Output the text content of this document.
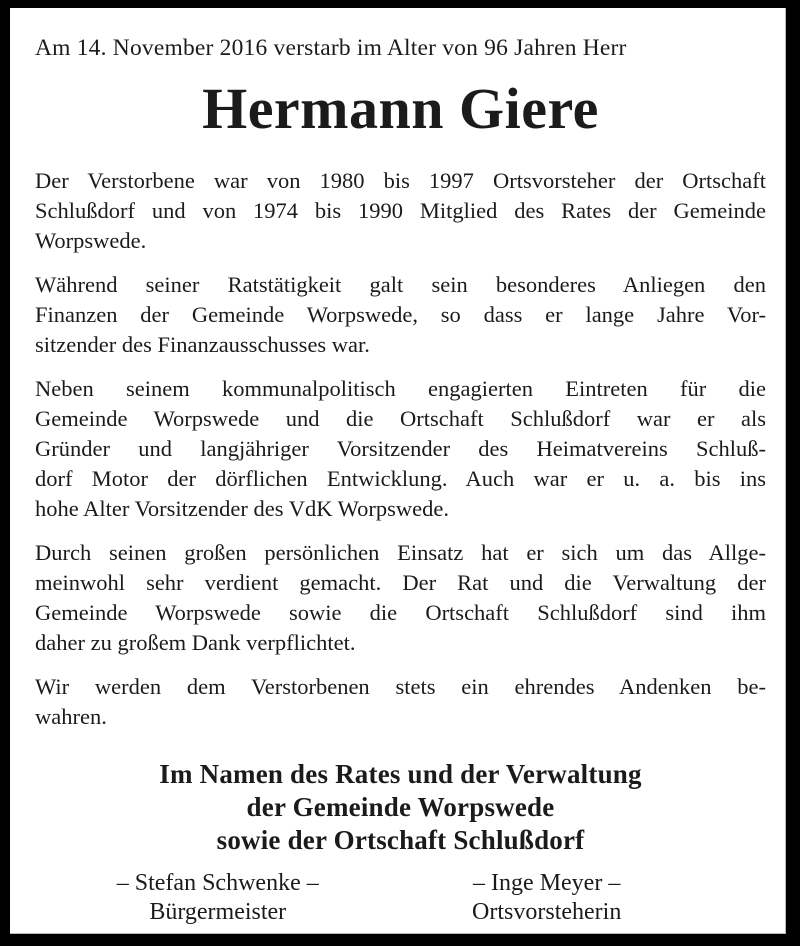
Am 14. November 2016 verstarb im Alter von 96 Jahren Herr
Hermann Giere
Der Verstorbene war von 1980 bis 1997 Ortsvorsteher der Ortschaft
Schlußdorf und von 1974 bis 1990 Mitglied des Rates der Gemeinde
Worpswede.
Während seiner Ratstätigkeit galt sein besonderes Anliegen den
Finanzen der Gemeinde Worpswede, so dass er lange Jahre Vor-
sitzender des Finanzausschusses war.
Neben seinem kommunalpolitisch engagierten Eintreten für die
Gemeinde Worpswede und die Ortschaft Schlußdorf war er als
Gründer und langjähriger Vorsitzender des Heimatvereins Schluß-
dorf Motor der dörflichen Entwicklung. Auch war er u. a. bis ins
hohe Alter Vorsitzender des VdK Worpswede.
Durch seinen großen persönlichen Einsatz hat er sich um das Allge-
meinwohl sehr verdient gemacht. Der Rat und die Verwaltung der
Gemeinde Worpswede sowie die Ortschaft Schlußdorf sind ihm
daher zu großem Dank verpflichtet.
Wir werden dem Verstorbenen stets ein ehrendes Andenken be-
wahren.
Im Namen des Rates und der Verwaltung
der Gemeinde Worpswede
sowie der Ortschaft Schlußdorf
– Stefan Schwenke –
Bürgermeister
– Inge Meyer –
Ortsvorsteherin
